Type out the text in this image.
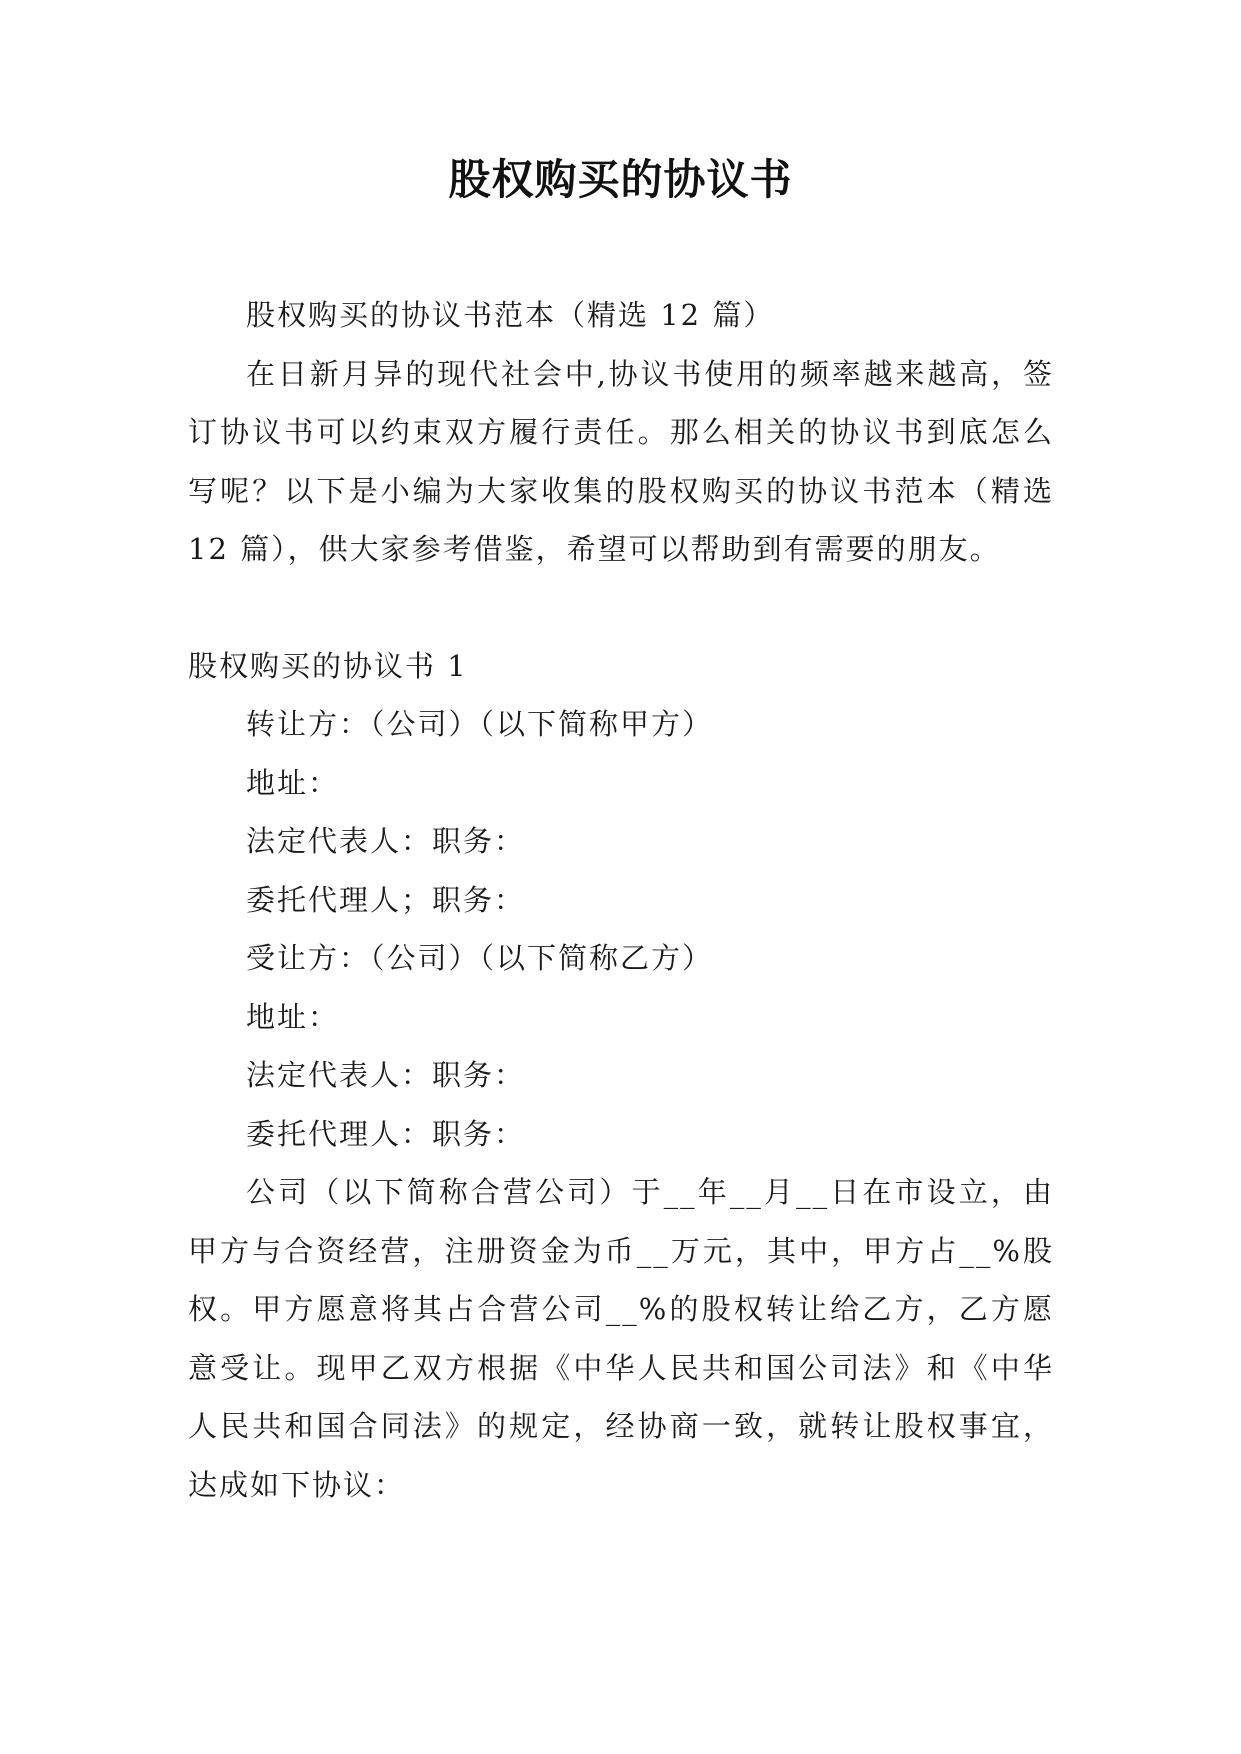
股权购买的协议书

股权购买的协议书范本（精选 12 篇）

在日新月异的现代社会中,协议书使用的频率越来越高，签订协议书可以约束双方履行责任。那么相关的协议书到底怎么写呢？以下是小编为大家收集的股权购买的协议书范本（精选 12 篇），供大家参考借鉴，希望可以帮助到有需要的朋友。

股权购买的协议书 1

转让方：（公司）（以下简称甲方）

地址：

法定代表人：职务：

委托代理人；职务：

受让方：（公司）（以下简称乙方）

地址：

法定代表人：职务：

委托代理人：职务：

公司（以下简称合营公司）于__年__月__日在市设立，由甲方与合资经营，注册资金为币__万元，其中，甲方占__%股权。甲方愿意将其占合营公司__%的股权转让给乙方，乙方愿意受让。现甲乙双方根据《中华人民共和国公司法》和《中华人民共和国合同法》的规定，经协商一致，就转让股权事宜，达成如下协议：
